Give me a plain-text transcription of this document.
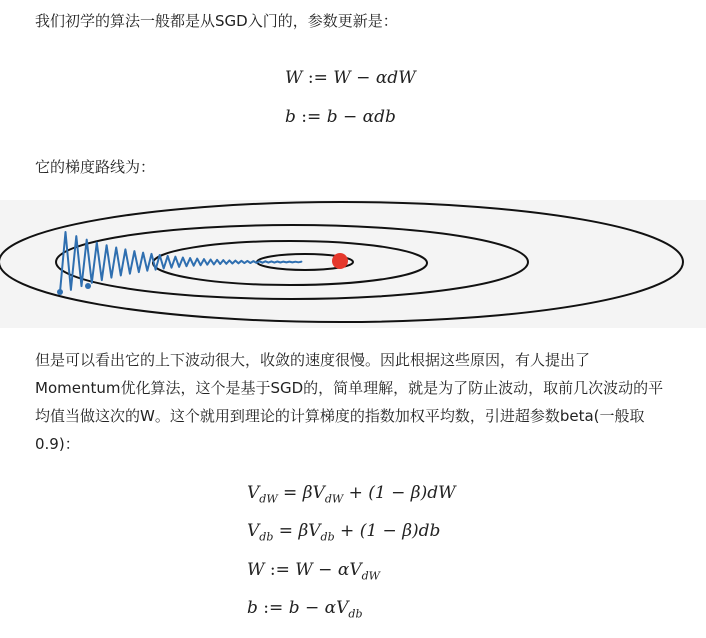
我们初学的算法一般都是从SGD入门的，参数更新是：

W := W − αdW
b := b − αdb

它的梯度路线为：

但是可以看出它的上下波动很大，收敛的速度很慢。因此根据这些原因，有人提出了Momentum优化算法，这个是基于SGD的，简单理解，就是为了防止波动，取前几次波动的平均值当做这次的W。这个就用到理论的计算梯度的指数加权平均数，引进超参数beta(一般取0.9)：

$V_{dW} = \beta V_{dW} + (1 - \beta)dW$
$V_{db} = \beta V_{db} + (1 - \beta)db$
W := $W - \alpha V_{dW}$
b := $b - \alpha V_{db}$
